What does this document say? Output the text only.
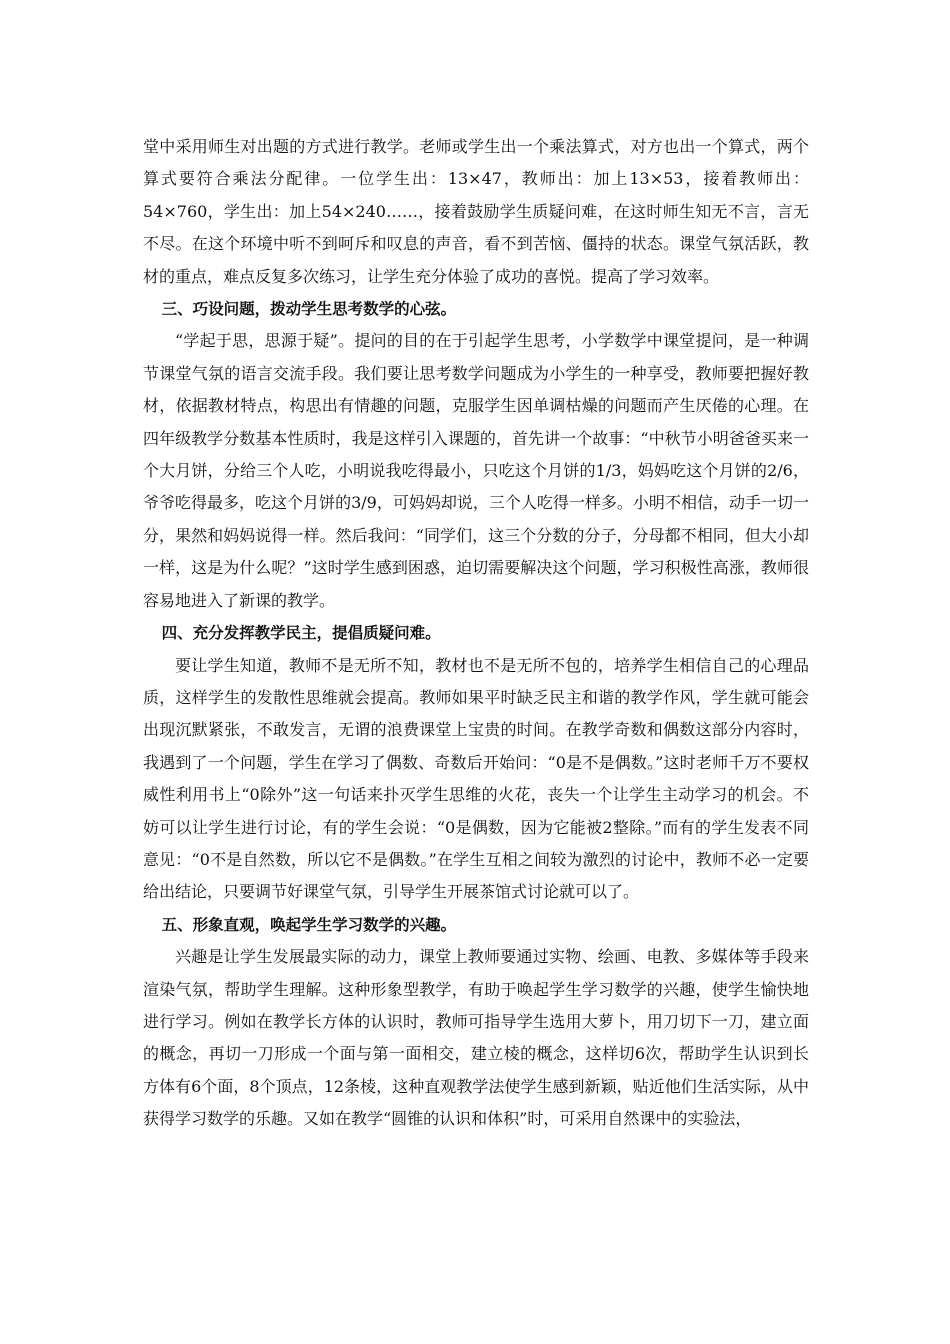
堂中采用师生对出题的方式进行教学。老师或学生出一个乘法算式，对方也出一个算式，两个算式要符合乘法分配律。一位学生出：13×47，教师出：加上13×53，接着教师出：54×760，学生出：加上54×240……，接着鼓励学生质疑问难，在这时师生知无不言，言无不尽。在这个环境中听不到呵斥和叹息的声音，看不到苦恼、僵持的状态。课堂气氛活跃，教材的重点，难点反复多次练习，让学生充分体验了成功的喜悦。提高了学习效率。

三、巧设问题，拨动学生思考数学的心弦。

“学起于思，思源于疑”。提问的目的在于引起学生思考，小学数学中课堂提问，是一种调节课堂气氛的语言交流手段。我们要让思考数学问题成为小学生的一种享受，教师要把握好教材，依据教材特点，构思出有情趣的问题，克服学生因单调枯燥的问题而产生厌倦的心理。在四年级教学分数基本性质时，我是这样引入课题的，首先讲一个故事：“中秋节小明爸爸买来一个大月饼，分给三个人吃，小明说我吃得最小，只吃这个月饼的1/3，妈妈吃这个月饼的2/6，爷爷吃得最多，吃这个月饼的3/9，可妈妈却说，三个人吃得一样多。小明不相信，动手一切一分，果然和妈妈说得一样。然后我问：“同学们，这三个分数的分子，分母都不相同，但大小却一样，这是为什么呢？”这时学生感到困惑，迫切需要解决这个问题，学习积极性高涨，教师很容易地进入了新课的教学。

四、充分发挥教学民主，提倡质疑问难。

要让学生知道，教师不是无所不知，教材也不是无所不包的，培养学生相信自己的心理品质，这样学生的发散性思维就会提高。教师如果平时缺乏民主和谐的教学作风，学生就可能会出现沉默紧张，不敢发言，无谓的浪费课堂上宝贵的时间。在教学奇数和偶数这部分内容时，我遇到了一个问题，学生在学习了偶数、奇数后开始问：“0是不是偶数。”这时老师千万不要权威性利用书上“0除外”这一句话来扑灭学生思维的火花，丧失一个让学生主动学习的机会。不妨可以让学生进行讨论，有的学生会说：“0是偶数，因为它能被2整除。”而有的学生发表不同意见：“0不是自然数，所以它不是偶数。”在学生互相之间较为激烈的讨论中，教师不必一定要给出结论，只要调节好课堂气氛，引导学生开展茶馆式讨论就可以了。

五、形象直观，唤起学生学习数学的兴趣。

兴趣是让学生发展最实际的动力，课堂上教师要通过实物、绘画、电教、多媒体等手段来渲染气氛，帮助学生理解。这种形象型教学，有助于唤起学生学习数学的兴趣，使学生愉快地进行学习。例如在教学长方体的认识时，教师可指导学生选用大萝卜，用刀切下一刀，建立面的概念，再切一刀形成一个面与第一面相交，建立棱的概念，这样切6次，帮助学生认识到长方体有6个面，8个顶点，12条棱，这种直观教学法使学生感到新颖，贴近他们生活实际，从中获得学习数学的乐趣。又如在教学“圆锥的认识和体积”时，可采用自然课中的实验法，
